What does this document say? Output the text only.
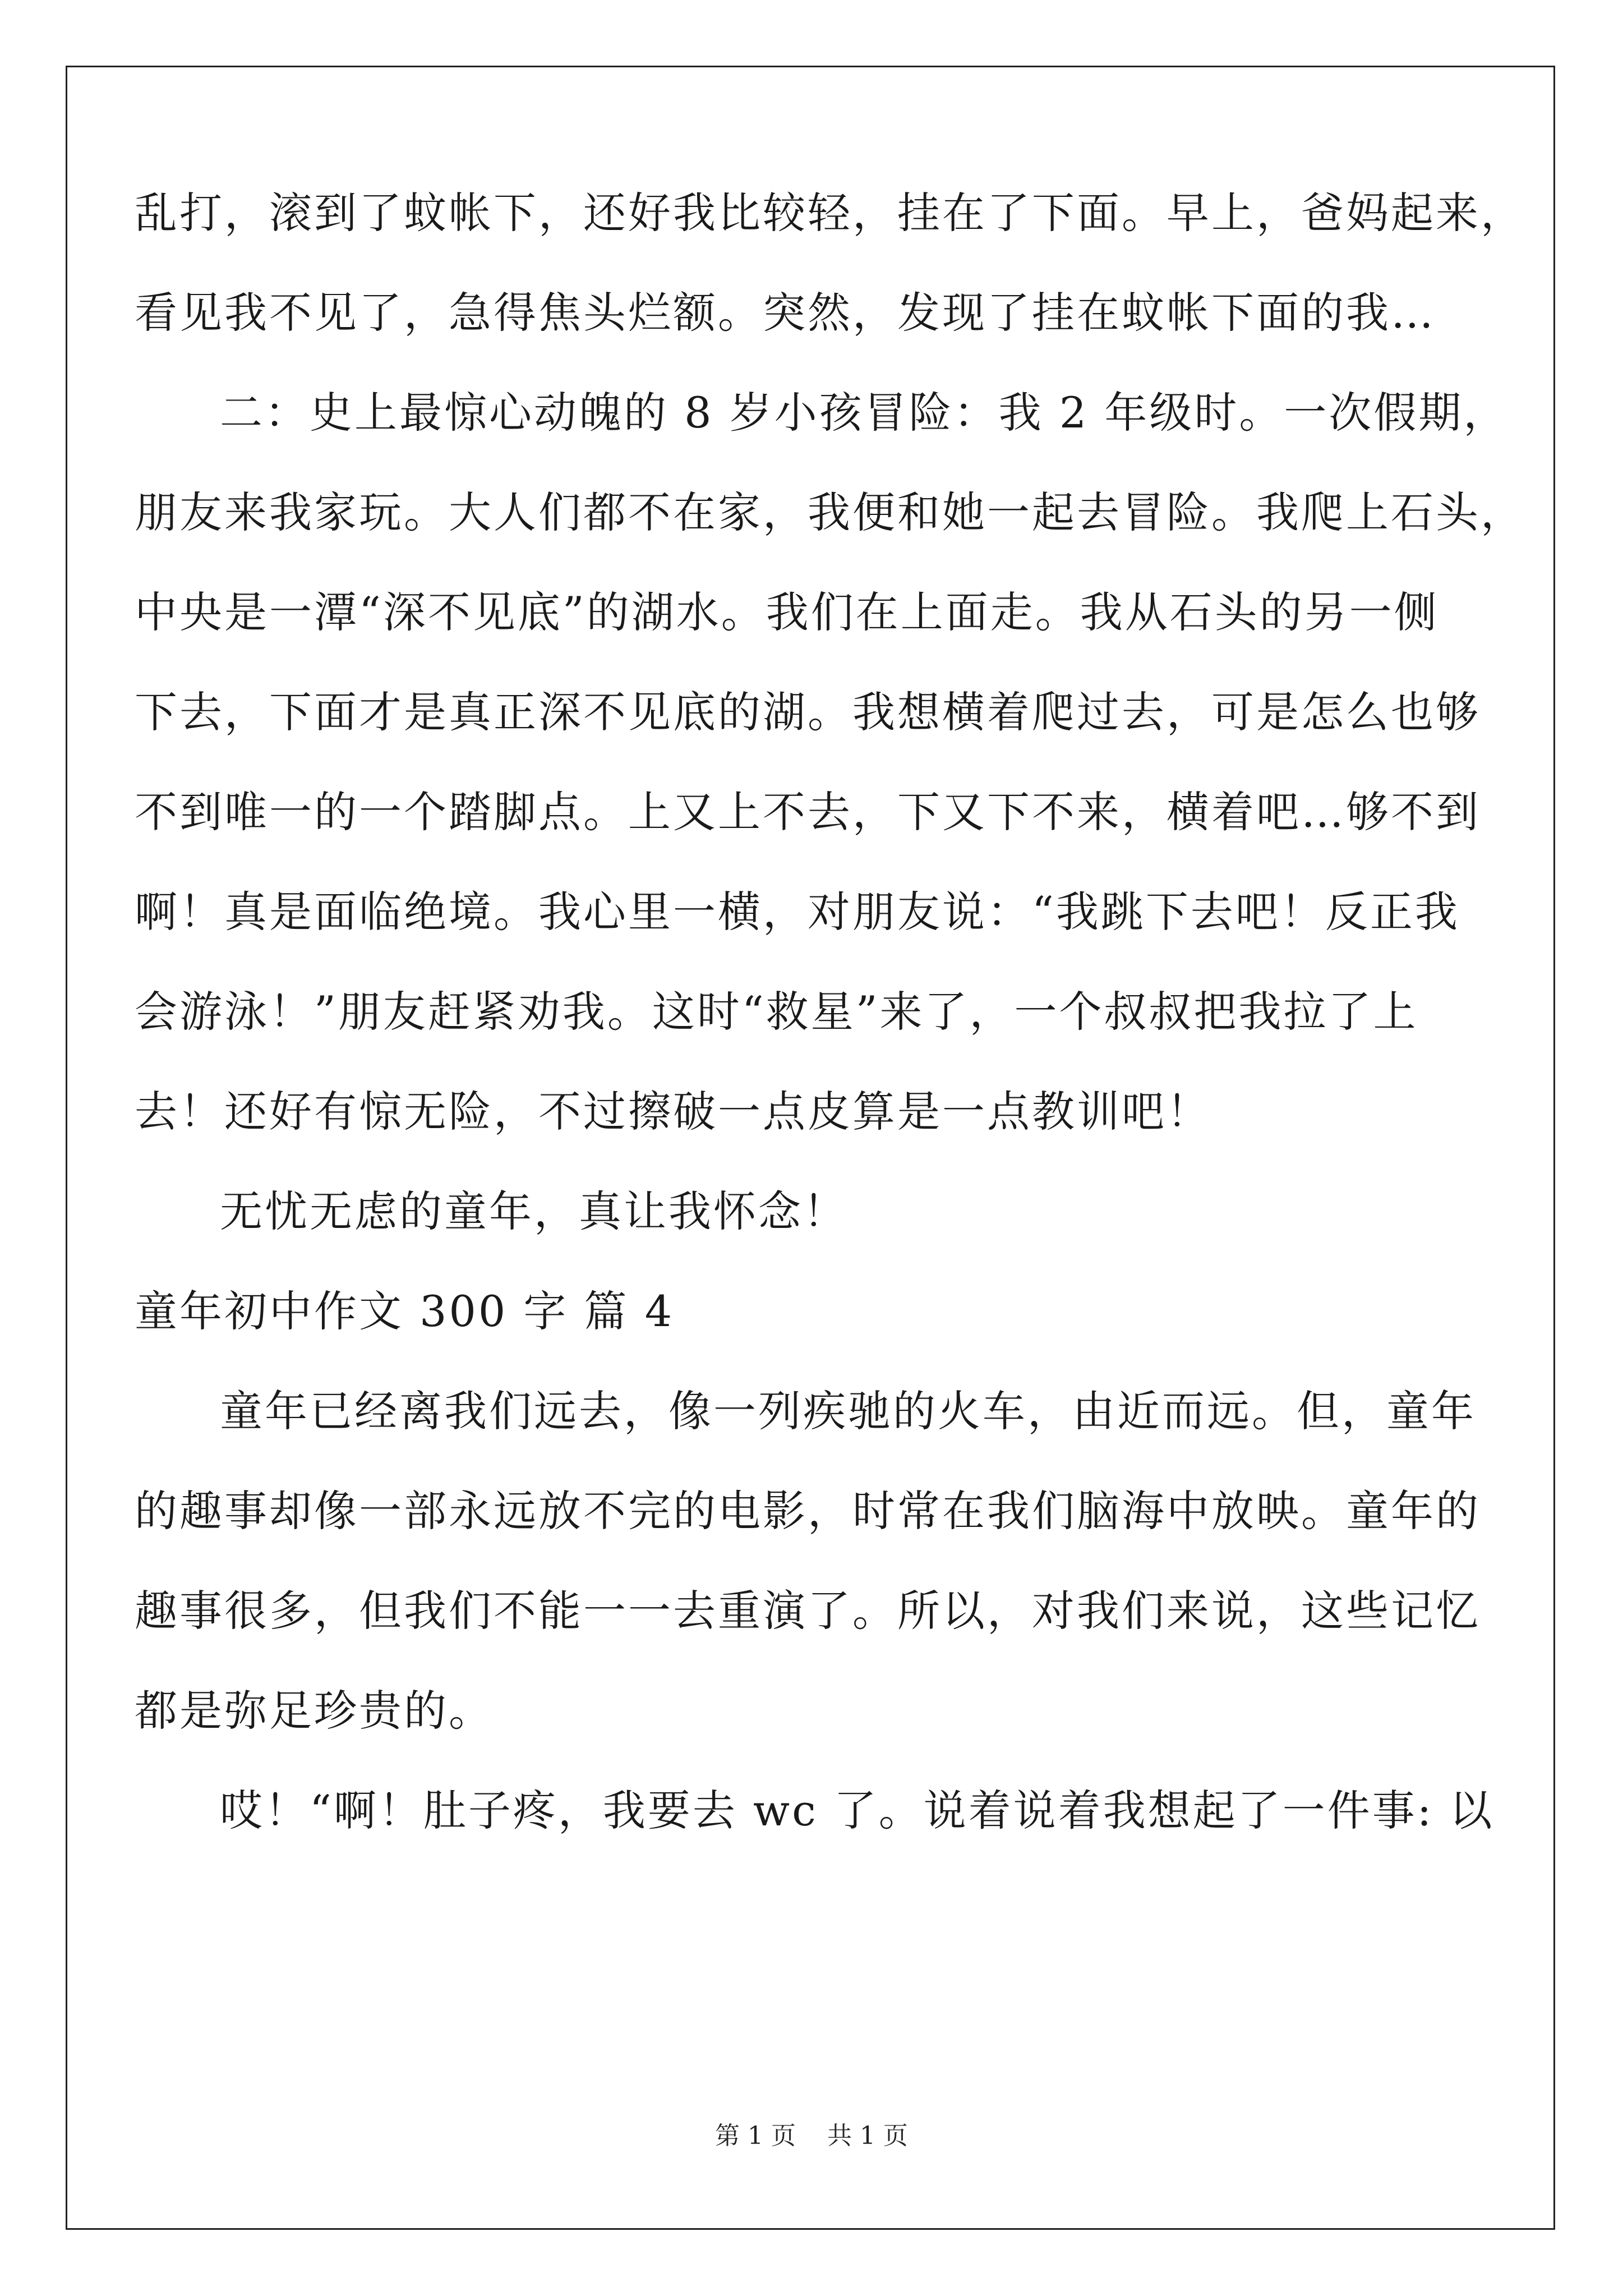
乱打，滚到了蚊帐下，还好我比较轻，挂在了下面。早上，爸妈起来，
看见我不见了，急得焦头烂额。突然，发现了挂在蚊帐下面的我…
二：史上最惊心动魄的 8 岁小孩冒险：我 2 年级时。一次假期，
朋友来我家玩。大人们都不在家，我便和她一起去冒险。我爬上石头，
中央是一潭“深不见底”的湖水。我们在上面走。我从石头的另一侧
下去，下面才是真正深不见底的湖。我想横着爬过去，可是怎么也够
不到唯一的一个踏脚点。上又上不去，下又下不来，横着吧…够不到
啊！真是面临绝境。我心里一横，对朋友说：“我跳下去吧！反正我
会游泳！”朋友赶紧劝我。这时“救星”来了，一个叔叔把我拉了上
去！还好有惊无险，不过擦破一点皮算是一点教训吧！
无忧无虑的童年，真让我怀念！
童年初中作文 300 字 篇 4
童年已经离我们远去，像一列疾驰的火车，由近而远。但，童年
的趣事却像一部永远放不完的电影，时常在我们脑海中放映。童年的
趣事很多，但我们不能一一去重演了。所以，对我们来说，这些记忆
都是弥足珍贵的。
哎！“啊！肚子疼，我要去 wc 了。说着说着我想起了一件事: 以
第 1 页    共 1 页
